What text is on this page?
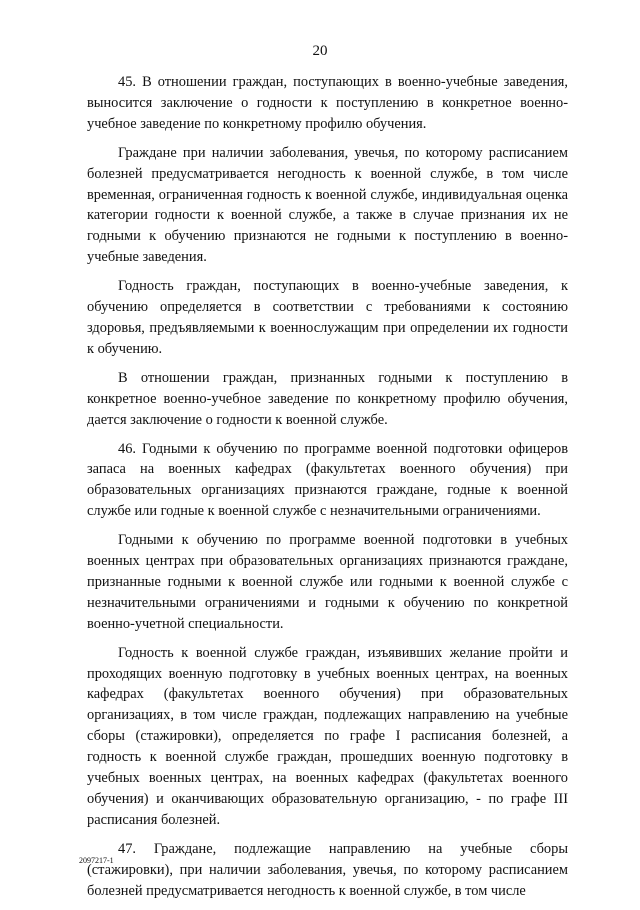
20

45. В отношении граждан, поступающих в военно-учебные заведения, выносится заключение о годности к поступлению в конкретное военно-учебное заведение по конкретному профилю обучения.

Граждане при наличии заболевания, увечья, по которому расписанием болезней предусматривается негодность к военной службе, в том числе временная, ограниченная годность к военной службе, индивидуальная оценка категории годности к военной службе, а также в случае признания их не годными к обучению признаются не годными к поступлению в военно-учебные заведения.

Годность граждан, поступающих в военно-учебные заведения, к обучению определяется в соответствии с требованиями к состоянию здоровья, предъявляемыми к военнослужащим при определении их годности к обучению.

В отношении граждан, признанных годными к поступлению в конкретное военно-учебное заведение по конкретному профилю обучения, дается заключение о годности к военной службе.

46. Годными к обучению по программе военной подготовки офицеров запаса на военных кафедрах (факультетах военного обучения) при образовательных организациях признаются граждане, годные к военной службе или годные к военной службе с незначительными ограничениями.

Годными к обучению по программе военной подготовки в учебных военных центрах при образовательных организациях признаются граждане, признанные годными к военной службе или годными к военной службе с незначительными ограничениями и годными к обучению по конкретной военно-учетной специальности.

Годность к военной службе граждан, изъявивших желание пройти и проходящих военную подготовку в учебных военных центрах, на военных кафедрах (факультетах военного обучения) при образовательных организациях, в том числе граждан, подлежащих направлению на учебные сборы (стажировки), определяется по графе I расписания болезней, а годность к военной службе граждан, прошедших военную подготовку в учебных военных центрах, на военных кафедрах (факультетах военного обучения) и оканчивающих образовательную организацию, - по графе III расписания болезней.

47. Граждане, подлежащие направлению на учебные сборы (стажировки), при наличии заболевания, увечья, по которому расписанием болезней предусматривается негодность к военной службе, в том числе

2097217-1
